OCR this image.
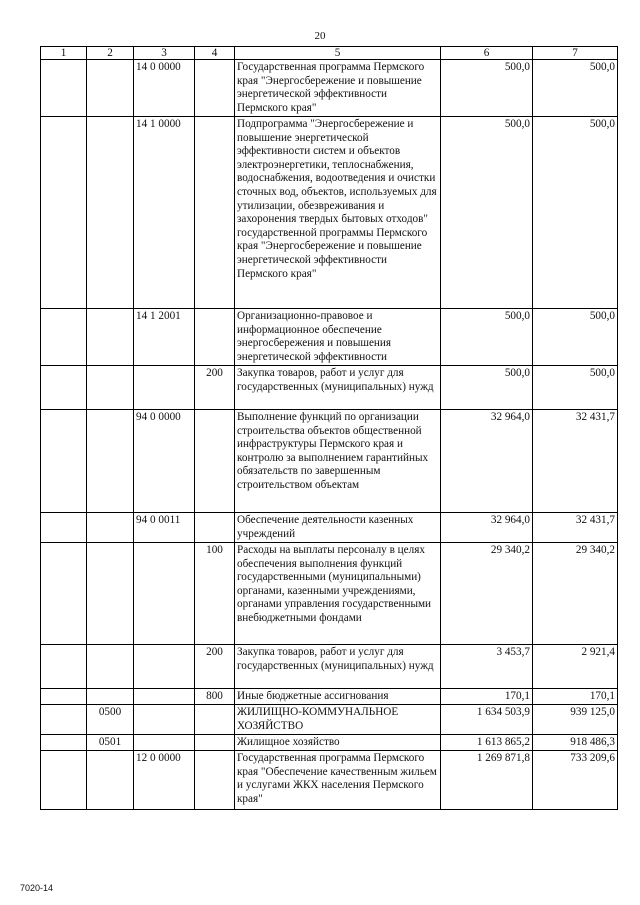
20
1	2	3	4	5	6	7
		14 0 0000		Государственная программа Пермского края "Энергосбережение и повышение энергетической эффективности Пермского края"	500,0	500,0
		14 1 0000		Подпрограмма "Энергосбережение и повышение энергетической эффективности систем и объектов электроэнергетики, теплоснабжения, водоснабжения, водоотведения и очистки сточных вод, объектов, используемых для утилизации, обезвреживания и захоронения твердых бытовых отходов" государственной программы Пермского края "Энергосбережение и повышение энергетической эффективности Пермского края"	500,0	500,0
		14 1 2001		Организационно-правовое и информационное обеспечение энергосбережения и повышения энергетической эффективности	500,0	500,0
			200	Закупка товаров, работ и услуг для государственных (муниципальных) нужд	500,0	500,0
		94 0 0000		Выполнение функций по организации строительства объектов общественной инфраструктуры Пермского края и контролю за выполнением гарантийных обязательств по завершенным строительством объектам	32 964,0	32 431,7
		94 0 0011		Обеспечение деятельности казенных учреждений	32 964,0	32 431,7
			100	Расходы на выплаты персоналу в целях обеспечения выполнения функций государственными (муниципальными) органами, казенными учреждениями, органами управления государственными внебюджетными фондами	29 340,2	29 340,2
			200	Закупка товаров, работ и услуг для государственных (муниципальных) нужд	3 453,7	2 921,4
			800	Иные бюджетные ассигнования	170,1	170,1
	0500			ЖИЛИЩНО-КОММУНАЛЬНОЕ ХОЗЯЙСТВО	1 634 503,9	939 125,0
	0501			Жилищное хозяйство	1 613 865,2	918 486,3
		12 0 0000		Государственная программа Пермского края "Обеспечение качественным жильем и услугами ЖКХ населения Пермского края"	1 269 871,8	733 209,6
7020-14
